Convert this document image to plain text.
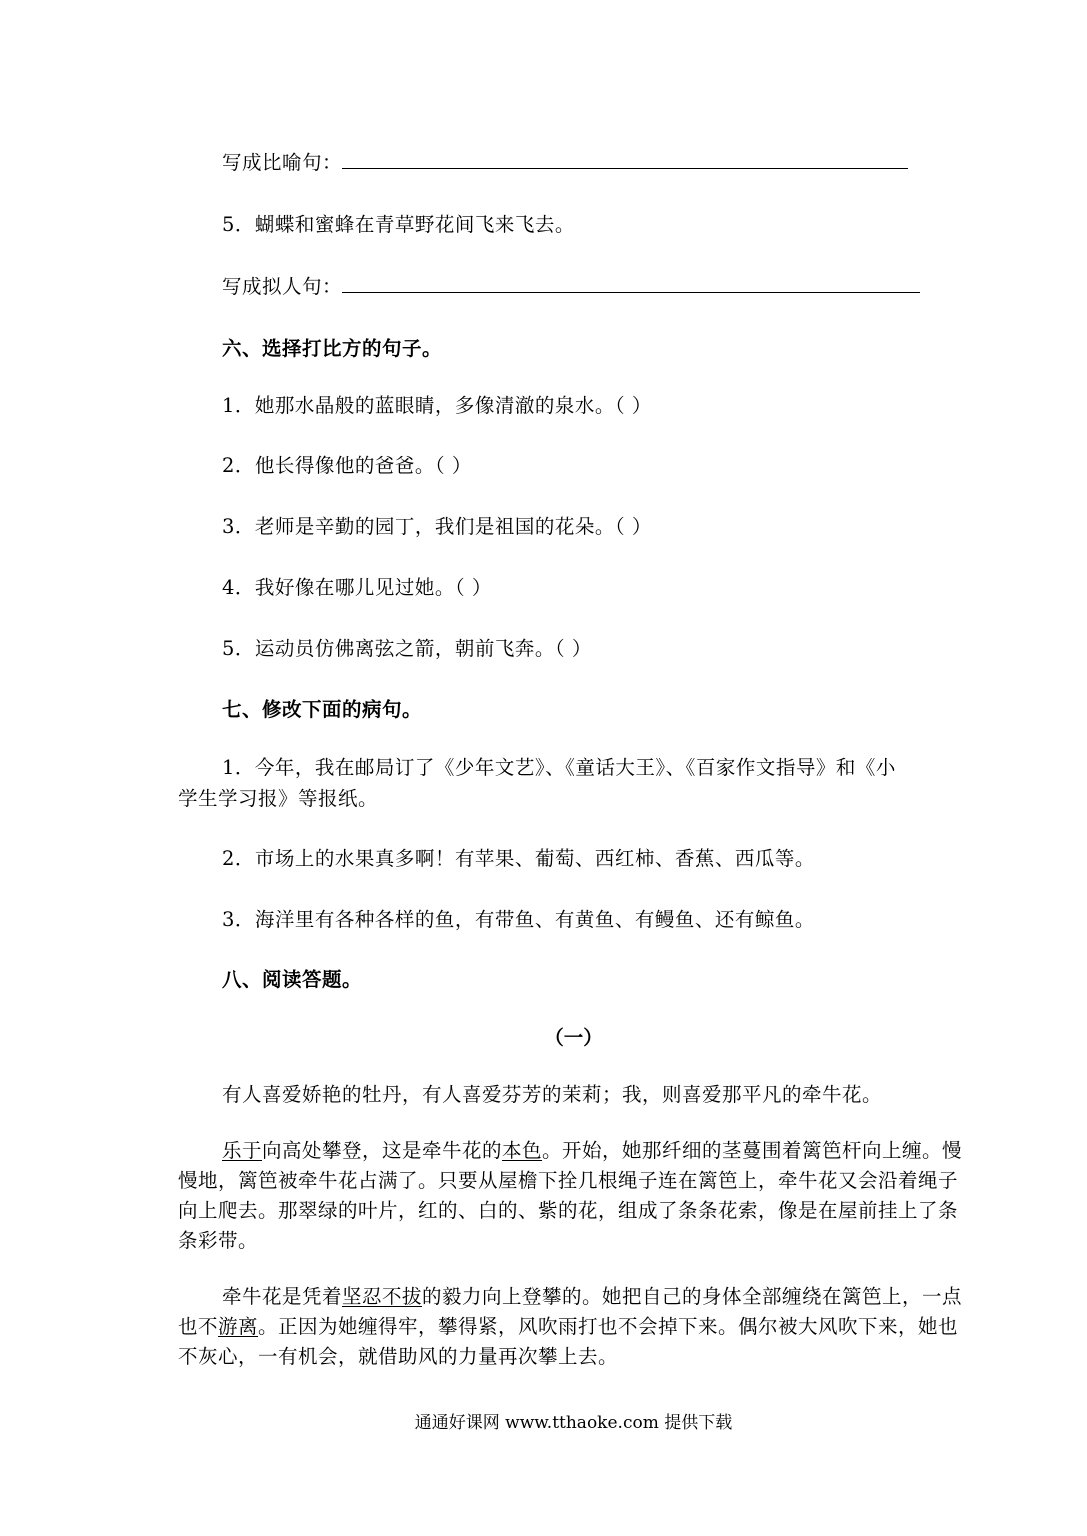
写成比喻句：
5．蝴蝶和蜜蜂在青草野花间飞来飞去。
写成拟人句：
六、选择打比方的句子。
1．她那水晶般的蓝眼睛，多像清澈的泉水。（ ）
2．他长得像他的爸爸。（ ）
3．老师是辛勤的园丁，我们是祖国的花朵。（ ）
4．我好像在哪儿见过她。（ ）
5．运动员仿佛离弦之箭，朝前飞奔。（ ）
七、修改下面的病句。
1．今年，我在邮局订了《少年文艺》、《童话大王》、《百家作文指导》和《小
学生学习报》等报纸。
2．市场上的水果真多啊！有苹果、葡萄、西红柿、香蕉、西瓜等。
3．海洋里有各种各样的鱼，有带鱼、有黄鱼、有鳗鱼、还有鲸鱼。
八、阅读答题。
（一）
有人喜爱娇艳的牡丹，有人喜爱芬芳的茉莉；我，则喜爱那平凡的牵牛花。
乐于向高处攀登，这是牵牛花的本色。开始，她那纤细的茎蔓围着篱笆杆向上缠。慢慢地，篱笆被牵牛花占满了。只要从屋檐下拴几根绳子连在篱笆上，牵牛花又会沿着绳子向上爬去。那翠绿的叶片，红的、白的、紫的花，组成了条条花索，像是在屋前挂上了条条彩带。
牵牛花是凭着坚忍不拔的毅力向上登攀的。她把自己的身体全部缠绕在篱笆上，一点也不游离。正因为她缠得牢，攀得紧，风吹雨打也不会掉下来。偶尔被大风吹下来，她也不灰心，一有机会，就借助风的力量再次攀上去。
通通好课网 www.tthaoke.com 提供下载
